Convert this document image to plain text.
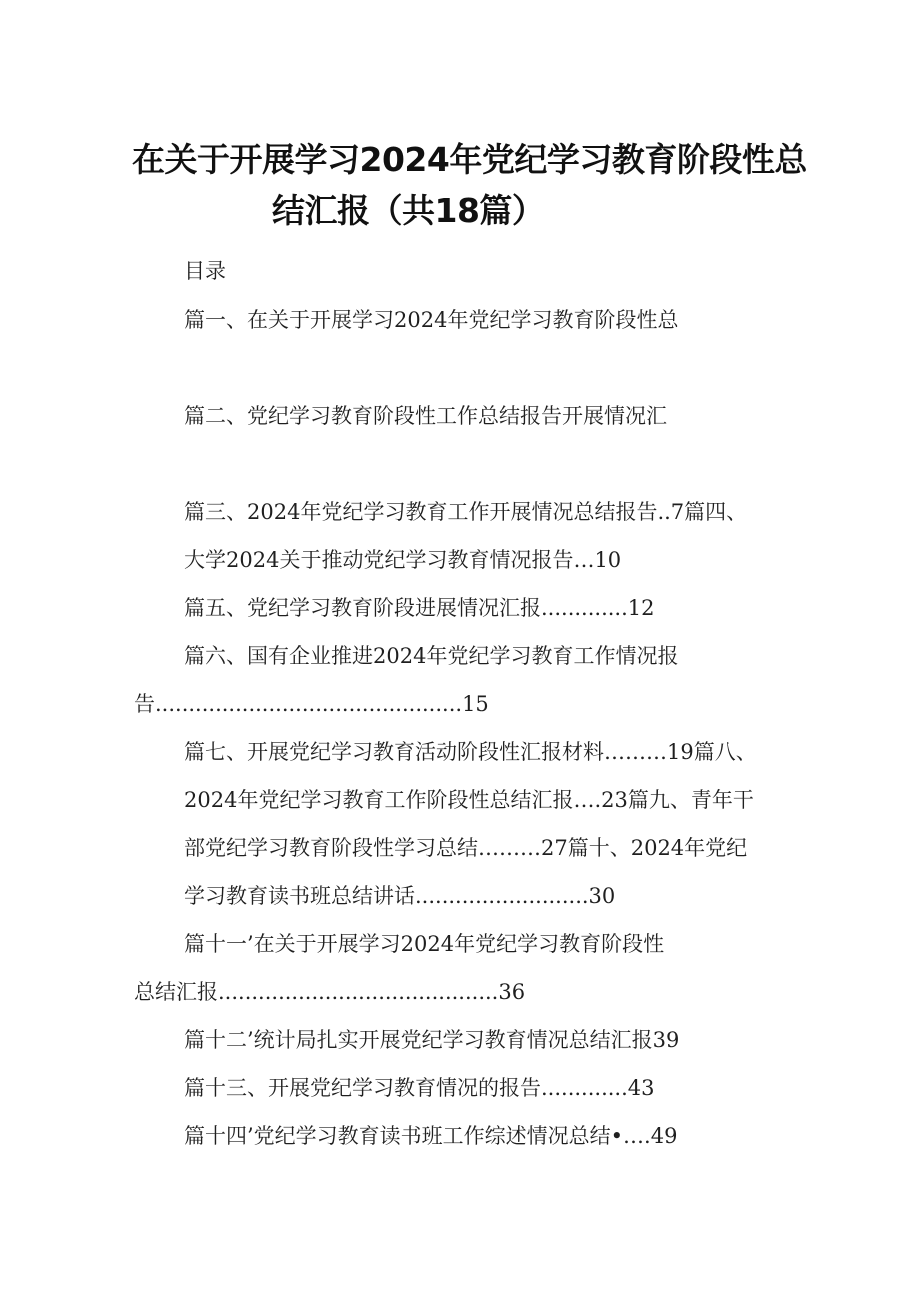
在关于开展学习2024年党纪学习教育阶段性总
结汇报（共18篇）
目录
篇一、在关于开展学习2024年党纪学习教育阶段性总
篇二、党纪学习教育阶段性工作总结报告开展情况汇
篇三、2024年党纪学习教育工作开展情况总结报告..7篇四、
大学2024关于推动党纪学习教育情况报告…10
篇五、党纪学习教育阶段进展情况汇报.............12
篇六、国有企业推进2024年党纪学习教育工作情况报
告..............................................15
篇七、开展党纪学习教育活动阶段性汇报材料………19篇八、
2024年党纪学习教育工作阶段性总结汇报….23篇九、青年干
部党纪学习教育阶段性学习总结………27篇十、2024年党纪
学习教育读书班总结讲话..........................30
篇十一’在关于开展学习2024年党纪学习教育阶段性
总结汇报..........................................36
篇十二’统计局扎实开展党纪学习教育情况总结汇报39
篇十三、开展党纪学习教育情况的报告.............43
篇十四’党纪学习教育读书班工作综述情况总结•….49
